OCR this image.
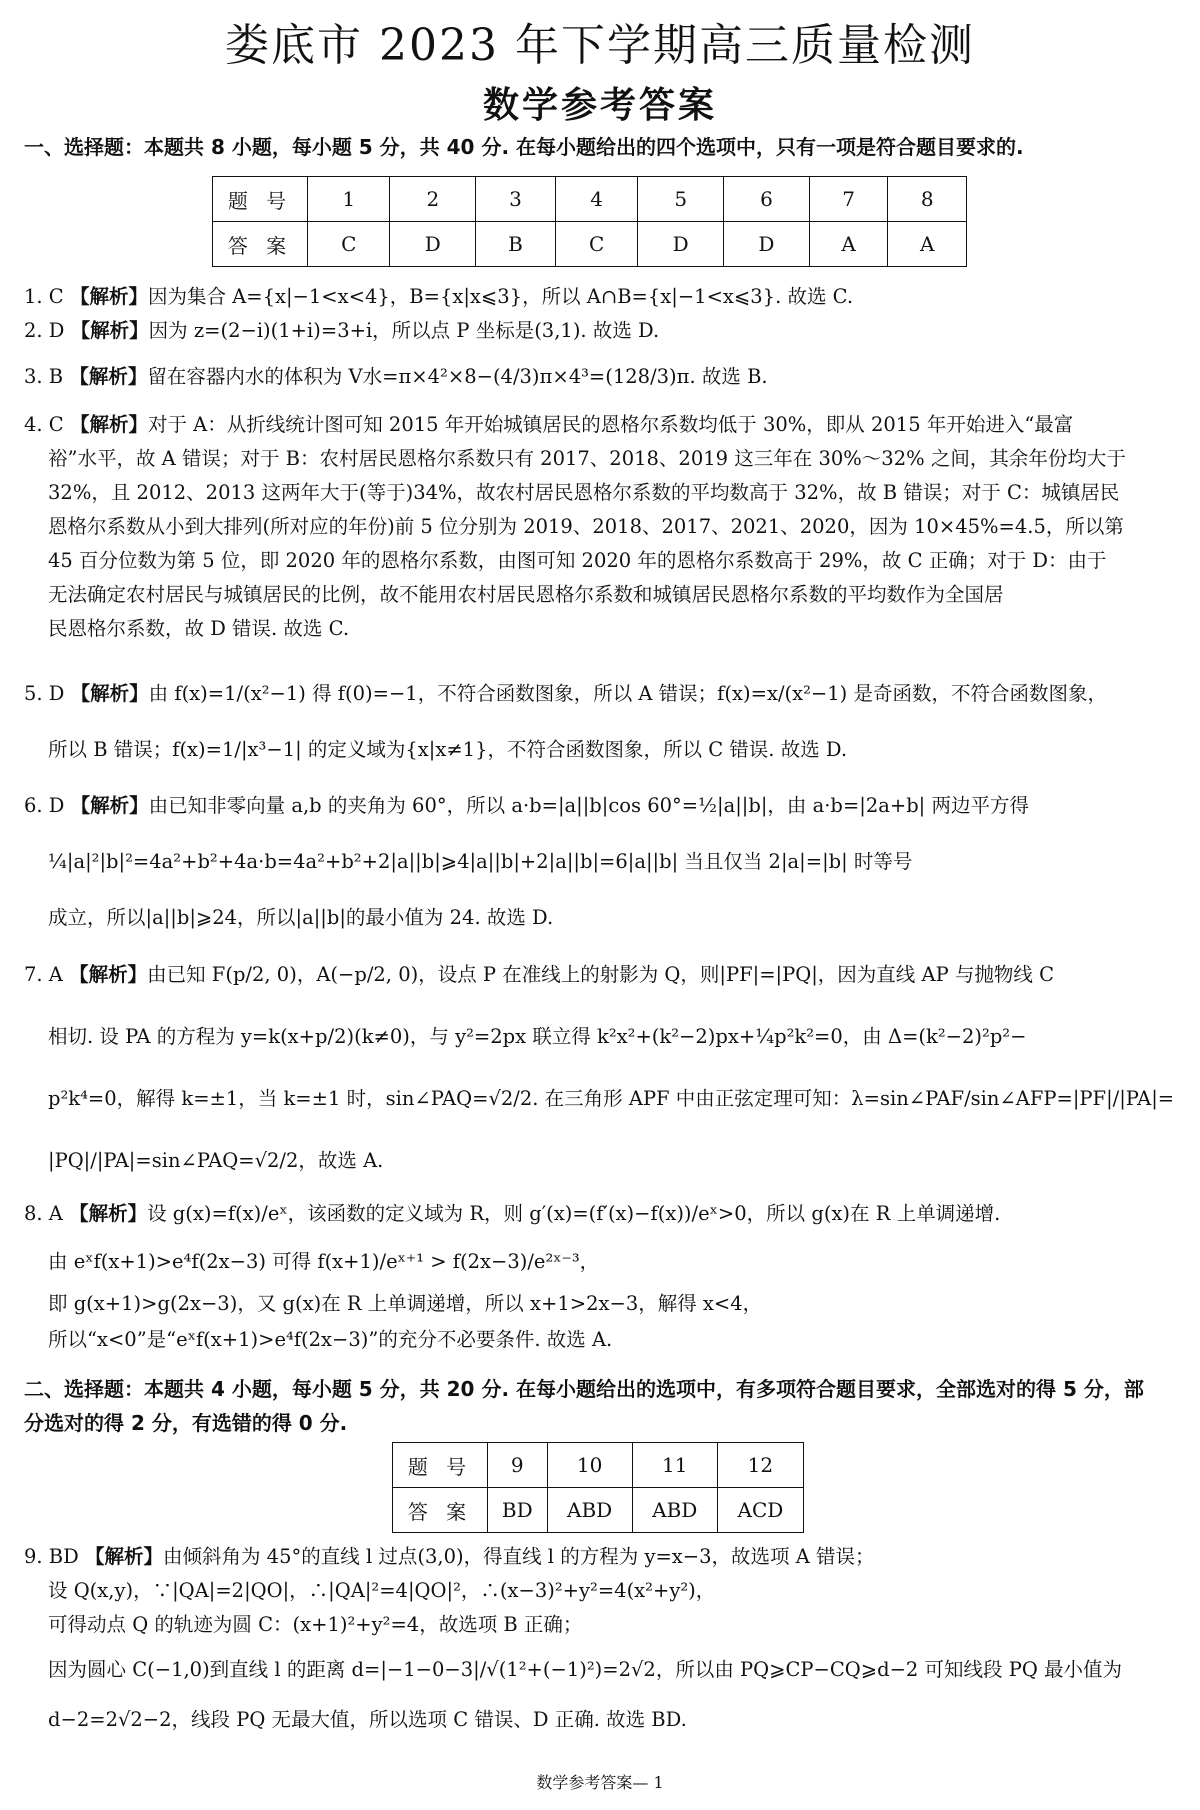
娄底市 2023 年下学期高三质量检测
数学参考答案
一、选择题：本题共 8 小题，每小题 5 分，共 40 分. 在每小题给出的四个选项中，只有一项是符合题目要求的.
题 号	1	2	3	4	5	6	7	8
答 案	C	D	B	C	D	D	A	A

1. C 【解析】因为集合 A={x|−1<x<4}，B={x|x⩽3}，所以 A∩B={x|−1<x⩽3}. 故选 C.

2. D 【解析】因为 z=(2−i)(1+i)=3+i，所以点 P 坐标是(3,1). 故选 D.

3. B 【解析】留在容器内水的体积为 V水=π×4²×8−(4/3)π×4³=(128/3)π. 故选 B.

4. C 【解析】对于 A：从折线统计图可知 2015 年开始城镇居民的恩格尔系数均低于 30%，即从 2015 年开始进入“最富

裕”水平，故 A 错误；对于 B：农村居民恩格尔系数只有 2017、2018、2019 这三年在 30%～32% 之间，其余年份均大于

32%，且 2012、2013 这两年大于(等于)34%，故农村居民恩格尔系数的平均数高于 32%，故 B 错误；对于 C：城镇居民

恩格尔系数从小到大排列(所对应的年份)前 5 位分别为 2019、2018、2017、2021、2020，因为 10×45%=4.5，所以第

45 百分位数为第 5 位，即 2020 年的恩格尔系数，由图可知 2020 年的恩格尔系数高于 29%，故 C 正确；对于 D：由于

无法确定农村居民与城镇居民的比例，故不能用农村居民恩格尔系数和城镇居民恩格尔系数的平均数作为全国居

民恩格尔系数，故 D 错误. 故选 C.

5. D 【解析】由 f(x)=1/(x²−1) 得 f(0)=−1，不符合函数图象，所以 A 错误；f(x)=x/(x²−1) 是奇函数，不符合函数图象，

所以 B 错误；f(x)=1/|x³−1| 的定义域为{x|x≠1}，不符合函数图象，所以 C 错误. 故选 D.

6. D 【解析】由已知非零向量 a,b 的夹角为 60°，所以 a·b=|a||b|cos 60°=½|a||b|，由 a·b=|2a+b| 两边平方得

¼|a|²|b|²=4a²+b²+4a·b=4a²+b²+2|a||b|⩾4|a||b|+2|a||b|=6|a||b| 当且仅当 2|a|=|b| 时等号

成立，所以|a||b|⩾24，所以|a||b|的最小值为 24. 故选 D.

7. A 【解析】由已知 F(p/2, 0)，A(−p/2, 0)，设点 P 在准线上的射影为 Q，则|PF|=|PQ|，因为直线 AP 与抛物线 C

相切. 设 PA 的方程为 y=k(x+p/2)(k≠0)，与 y²=2px 联立得 k²x²+(k²−2)px+¼p²k²=0，由 Δ=(k²−2)²p²−

p²k⁴=0，解得 k=±1，当 k=±1 时，sin∠PAQ=√2/2. 在三角形 APF 中由正弦定理可知：λ=sin∠PAF/sin∠AFP=|PF|/|PA|=

|PQ|/|PA|=sin∠PAQ=√2/2，故选 A.

8. A 【解析】设 g(x)=f(x)/eˣ，该函数的定义域为 R，则 g′(x)=(f′(x)−f(x))/eˣ>0，所以 g(x)在 R 上单调递增.

由 eˣf(x+1)>e⁴f(2x−3) 可得 f(x+1)/eˣ⁺¹ > f(2x−3)/e²ˣ⁻³，

即 g(x+1)>g(2x−3)，又 g(x)在 R 上单调递增，所以 x+1>2x−3，解得 x<4，

所以“x<0”是“eˣf(x+1)>e⁴f(2x−3)”的充分不必要条件. 故选 A.

二、选择题：本题共 4 小题，每小题 5 分，共 20 分. 在每小题给出的选项中，有多项符合题目要求，全部选对的得 5 分，部
分选对的得 2 分，有选错的得 0 分.
题 号	9	10	11	12
答 案	BD	ABD	ABD	ACD

9. BD 【解析】由倾斜角为 45°的直线 l 过点(3,0)，得直线 l 的方程为 y=x−3，故选项 A 错误；

设 Q(x,y)，∵|QA|=2|QO|，∴|QA|²=4|QO|²，∴(x−3)²+y²=4(x²+y²)，

可得动点 Q 的轨迹为圆 C：(x+1)²+y²=4，故选项 B 正确；

因为圆心 C(−1,0)到直线 l 的距离 d=|−1−0−3|/√(1²+(−1)²)=2√2，所以由 PQ⩾CP−CQ⩾d−2 可知线段 PQ 最小值为

d−2=2√2−2，线段 PQ 无最大值，所以选项 C 错误、D 正确. 故选 BD.

数学参考答案— 1
